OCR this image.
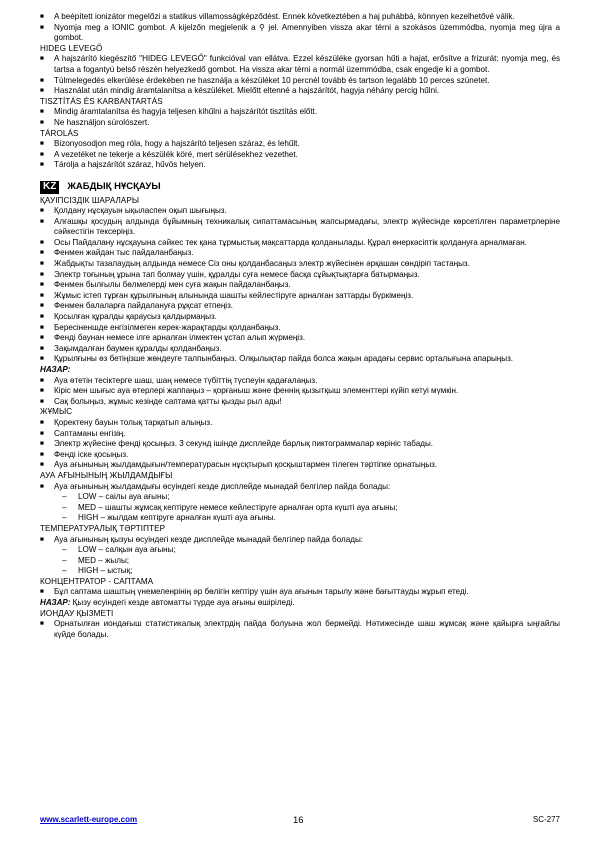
■ A beépített ionizátor megelőzi a statikus villamosságképződést. Ennek következtében a haj puhábbá, könnyen kezelhetővé válik.
■ Nyomja meg a IONIC gombot. A kijelzőn megjelenik a ⚲ jel. Amennyiben vissza akar térni a szokásos üzemmódba, nyomja meg újra a gombot.
HIDEG LEVEGŐ
■ A hajszárító kiegészítő "HIDEG LEVEGŐ" funkcióval van ellátva. Ezzel készüléke gyorsan hűti a hajat, erősítve a frizurát: nyomja meg, és tartsa a fogantyú belső részén helyezkedő gombot. Ha vissza akar térni a normál üzemmódba, csak engedje ki a gombot.
■ Túlmelegedés elkerülése érdekében ne használja a készüléket 10 percnél tovább és tartson legalább 10 perces szünetet.
■ Használat után mindig áramtalanítsa a készüléket. Mielőtt eltenné a hajszárítót, hagyja néhány percig hűlni.
TISZTÍTÁS ÉS KARBANTARTÁS
■ Mindig áramtalanítsa és hagyja teljesen kihűlni a hajszárítót tisztítás előtt.
■ Ne használjon súrolószert.
TÁROLÁS
■ Bizonyosodjon meg róla, hogy a hajszárító teljesen száraz, és lehűlt.
■ A vezetéket ne tekerje a készülék köré, mert sérülésekhez vezethet.
■ Tárolja a hajszárítót száraz, hűvös helyen.
KZ	ЖАБДЫҚ НҰСҚАУЫ
ҚАУІПСІЗДІК ШАРАЛАРЫ
■ Қолдану нұсқауын ықыласпен оқып шығыңыз.
■ Алғашқы қосудың алдында бұйымның техникалық сипаттамасының жапсырмадағы, электр жүйесінде көрсетілген параметрлеріне сәйкестігін тексеріңіз.
■ Осы Пайдалану нұсқауына сәйкес тек қана тұрмыстық мақсаттарда қолданылады. Құрал өнеркәсіптік қолдануға арналмаған.
■ Фенмен жайдан тыс пайдаланбаңыз.
■ Жабдықты тазалаудың алдында немесе Сіз оны қолданбасаңыз электр жүйесінен әрқашан сөндіріп тастаңыз.
■ Электр тоғының ұрына тап болмау үшін, құралды суға немесе басқа сұйықтықтарға батырмаңыз.
■ Фенмен былғылы бөлмелерді мен суға жақын пайдаланбаңыз.
■ Жұмыс істеп тұрған құрылғының алынында шашты кейлестіруге арналған заттарды бүркімеңіз.
■ Фенмен балаларға пайдалануға рұқсат етпеңіз.
■ Қосылған құралды қараусыз қалдырмаңыз.
■ Бересіненшде енгізілмеген керек-жарақтарды қолданбаңыз.
■ Фенді баунан немесе ілге арналған ілмектен ұстап алып жүрмеңіз.
■ Зақымдалған баумен құралды қолданбаңыз.
■ Құрылғыны өз бетіңізше жөндеуге талпынбаңыз. Олқылықтар пайда болса жақын арадағы сервис орталығына апарыңыз.
НАЗАР:
■ Ауа өтетін тесіктерге шаш, шаң немесе түбіттің түспеуін қадағалаңыз.
■ Кіріс мен шығыс ауа өтерлері жаппаңыз – қорғаныш және феннің қызытқыш элементтері күйіп кетуі мүмкін.
■ Сақ болыңыз, жұмыс кезінде саптама қатты қызды рыл ады!
ЖҰМЫС
■ Қоректену бауын толық тарқатып алыңыз.
■ Саптаманы енгізің.
■ Электр жүйесіне фенді қосыңыз. 3 секунд ішінде дисплейде барлық пиктограммалар көрініс табады.
■ Фенді іске қосыңыз.
■ Ауа ағынының жылдамдығын/температурасын нұсқтырып қосқыштармен тілеген тәртіпке орнатыңыз.
АУА АҒЫНЫНЫҢ ЖЫЛДАМДЫҒЫ
■ Ауа ағынының жылдамдығы өсуіндегі кезде дисплейде мынадай белгілер пайда болады:
– LOW – саілы ауа ағыны;
– MED – шашты жұмсақ кептіруге немесе кейлестіруге арналған орта күшті ауа ағыны;
– HIGH – жылдам кептіруге арналған күшті ауа ағыны.
ТЕМПЕРАТУРАЛЫҚ ТӘРТІПТЕР
■ Ауа ағынының қызуы өсуіндегі кезде дисплейде мынадай белгілер пайда болады:
– LOW – салқын ауа ағыны;
– MED – жылы;
– HIGH – ыстық;
КОНЦЕНТРАТОР - САПТАМА
■ Бұл саптама шаштың үнемеленрінің әр бөлігін кептіру үшін ауа ағынын тарылу және бағыттауды жұрып етеді.
НАЗАР: Қызу өсуіндегі кезде автоматты түрде ауа ағыны өшіріледі.
ИОНДАУ ҚЫЗМЕТІ
■ Орнатылған иондағыш статистикалық электрдің пайда болуына жол бермейді. Нәтижесінде шаш жұмсақ және қайырға ыңғайлы күйде болады.
www.scarlett-europe.com	16	SC-277
